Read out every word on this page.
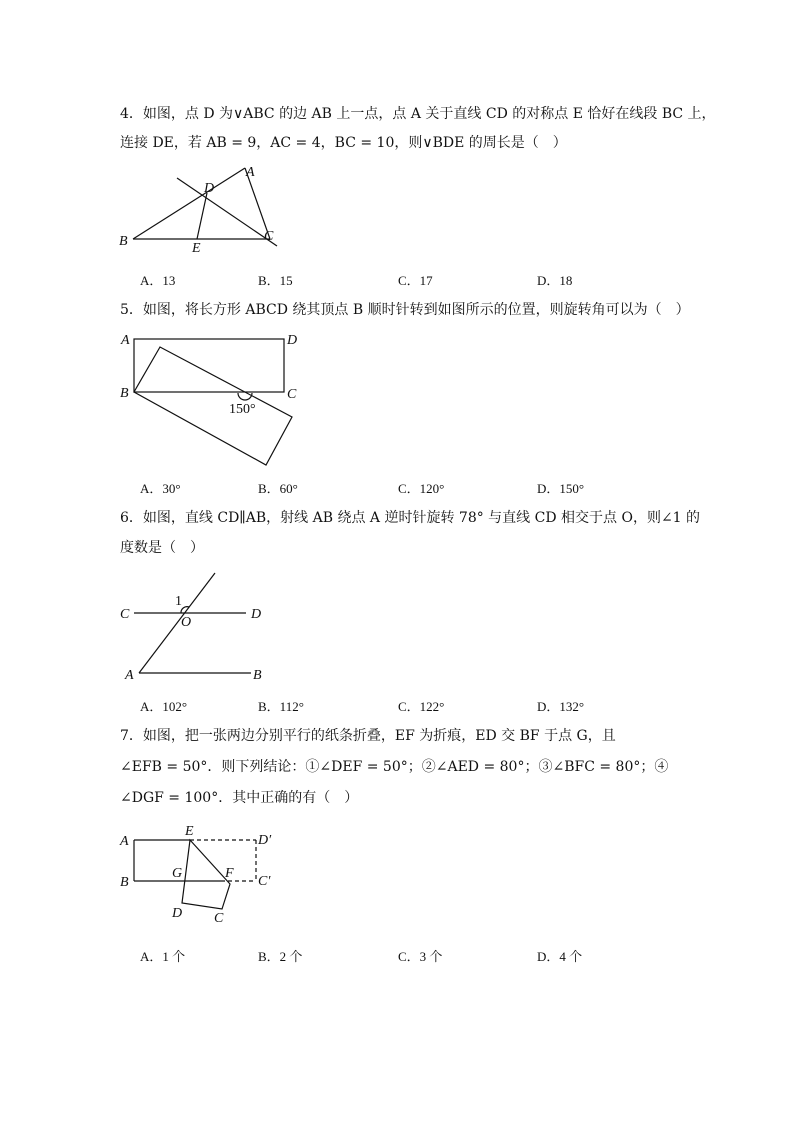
4．如图，点 D 为∨ABC 的边 AB 上一点，点 A 关于直线 CD 的对称点 E 恰好在线段 BC 上，
连接 DE，若 AB = 9，AC = 4，BC = 10，则∨BDE 的周长是（　）
A
B	C
D
E
A．13	B．15	C．17	D．18
5．如图，将长方形 ABCD 绕其顶点 B 顺时针转到如图所示的位置，则旋转角可以为（　）
A
B	C
D
150°
A．30°	B．60°	C．120°	D．150°
6．如图，直线 CD∥AB，射线 AB 绕点 A 逆时针旋转 78° 与直线 CD 相交于点 O，则∠1 的
度数是（　）
C	D
A	B
O
1
A．102°	B．112°	C．122°	D．132°
7．如图，把一张两边分别平行的纸条折叠，EF 为折痕，ED 交 BF 于点 G，且
∠EFB = 50°．则下列结论：①∠DEF = 50°；②∠AED = 80°；③∠BFC = 80°；④
∠DGF = 100°．其中正确的有（　）
A
B
E
D′
G	F
C′
D C
A．1 个	B．2 个	C．3 个	D．4 个
